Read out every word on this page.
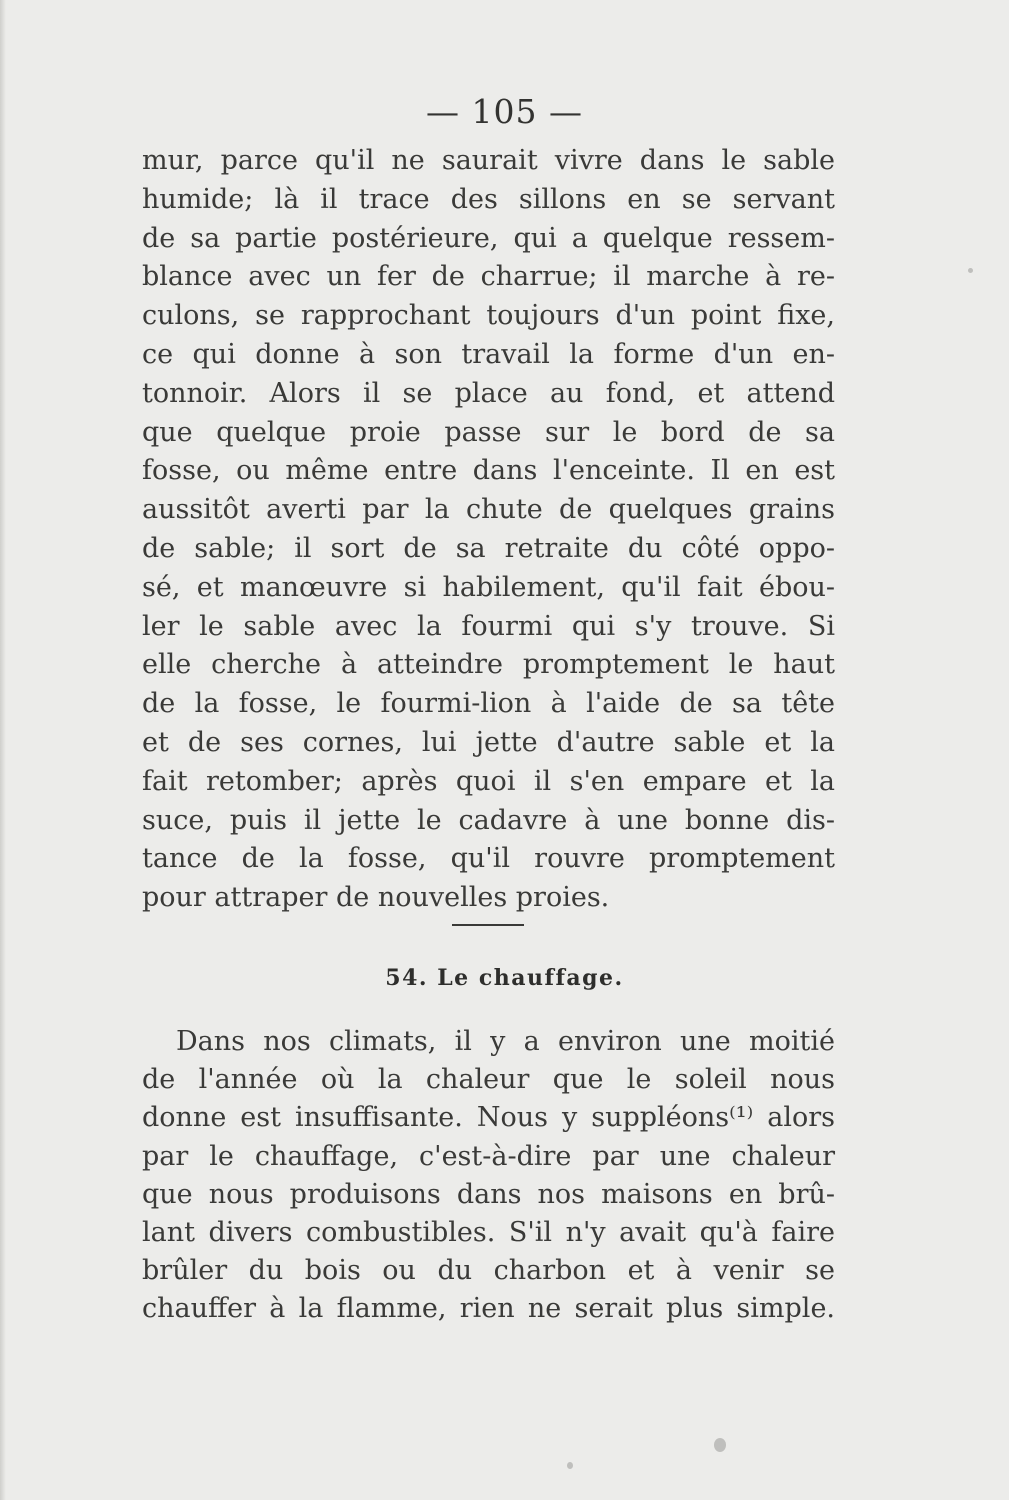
— 105 —
mur, parce qu'il ne saurait vivre dans le sable
humide; là il trace des sillons en se servant
de sa partie postérieure, qui a quelque ressem-
blance avec un fer de charrue; il marche à re-
culons, se rapprochant toujours d'un point fixe,
ce qui donne à son travail la forme d'un en-
tonnoir. Alors il se place au fond, et attend
que quelque proie passe sur le bord de sa
fosse, ou même entre dans l'enceinte. Il en est
aussitôt averti par la chute de quelques grains
de sable; il sort de sa retraite du côté oppo-
sé, et manœuvre si habilement, qu'il fait ébou-
ler le sable avec la fourmi qui s'y trouve. Si
elle cherche à atteindre promptement le haut
de la fosse, le fourmi-lion à l'aide de sa tête
et de ses cornes, lui jette d'autre sable et la
fait retomber; après quoi il s'en empare et la
suce, puis il jette le cadavre à une bonne dis-
tance de la fosse, qu'il rouvre promptement
pour attraper de nouvelles proies.
54. Le chauffage.
Dans nos climats, il y a environ une moitié
de l'année où la chaleur que le soleil nous
donne est insuffisante. Nous y suppléons⁽¹⁾ alors
par le chauffage, c'est-à-dire par une chaleur
que nous produisons dans nos maisons en brû-
lant divers combustibles. S'il n'y avait qu'à faire
brûler du bois ou du charbon et à venir se
chauffer à la flamme, rien ne serait plus simple.
